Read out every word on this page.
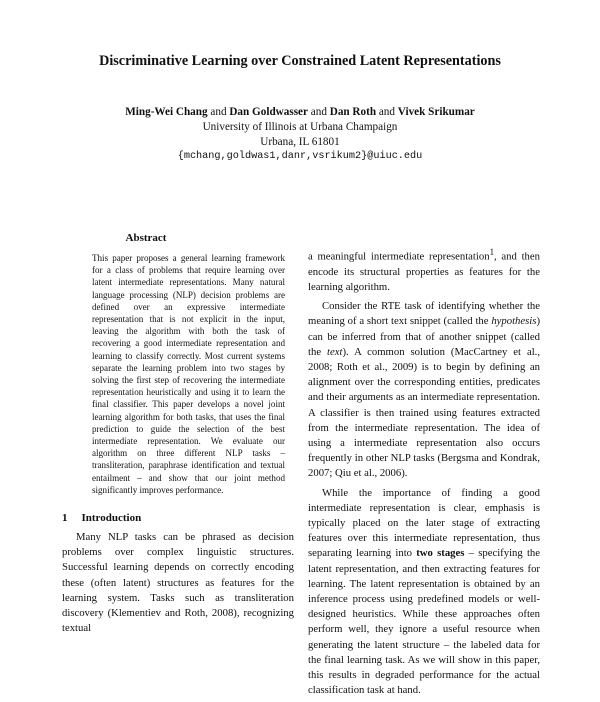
Discriminative Learning over Constrained Latent Representations
Ming-Wei Chang and Dan Goldwasser and Dan Roth and Vivek Srikumar
University of Illinois at Urbana Champaign
Urbana, IL 61801
{mchang,goldwas1,danr,vsrikum2}@uiuc.edu
Abstract
This paper proposes a general learning framework for a class of problems that require learning over latent intermediate representations. Many natural language processing (NLP) decision problems are defined over an expressive intermediate representation that is not explicit in the input, leaving the algorithm with both the task of recovering a good intermediate representation and learning to classify correctly. Most current systems separate the learning problem into two stages by solving the first step of recovering the intermediate representation heuristically and using it to learn the final classifier. This paper develops a novel joint learning algorithm for both tasks, that uses the final prediction to guide the selection of the best intermediate representation. We evaluate our algorithm on three different NLP tasks – transliteration, paraphrase identification and textual entailment – and show that our joint method significantly improves performance.
1 Introduction
Many NLP tasks can be phrased as decision problems over complex linguistic structures. Successful learning depends on correctly encoding these (often latent) structures as features for the learning system. Tasks such as transliteration discovery (Klementiev and Roth, 2008), recognizing textual

a meaningful intermediate representation$^1$, and then encode its structural properties as features for the learning algorithm.

Consider the RTE task of identifying whether the meaning of a short text snippet (called the hypothesis) can be inferred from that of another snippet (called the text). A common solution (MacCartney et al., 2008; Roth et al., 2009) is to begin by defining an alignment over the corresponding entities, predicates and their arguments as an intermediate representation. A classifier is then trained using features extracted from the intermediate representation. The idea of using a intermediate representation also occurs frequently in other NLP tasks (Bergsma and Kondrak, 2007; Qiu et al., 2006).

While the importance of finding a good intermediate representation is clear, emphasis is typically placed on the later stage of extracting features over this intermediate representation, thus separating learning into two stages – specifying the latent representation, and then extracting features for learning. The latent representation is obtained by an inference process using predefined models or well-designed heuristics. While these approaches often perform well, they ignore a useful resource when generating the latent structure – the labeled data for the final learning task. As we will show in this paper, this results in degraded performance for the actual classification task at hand.
